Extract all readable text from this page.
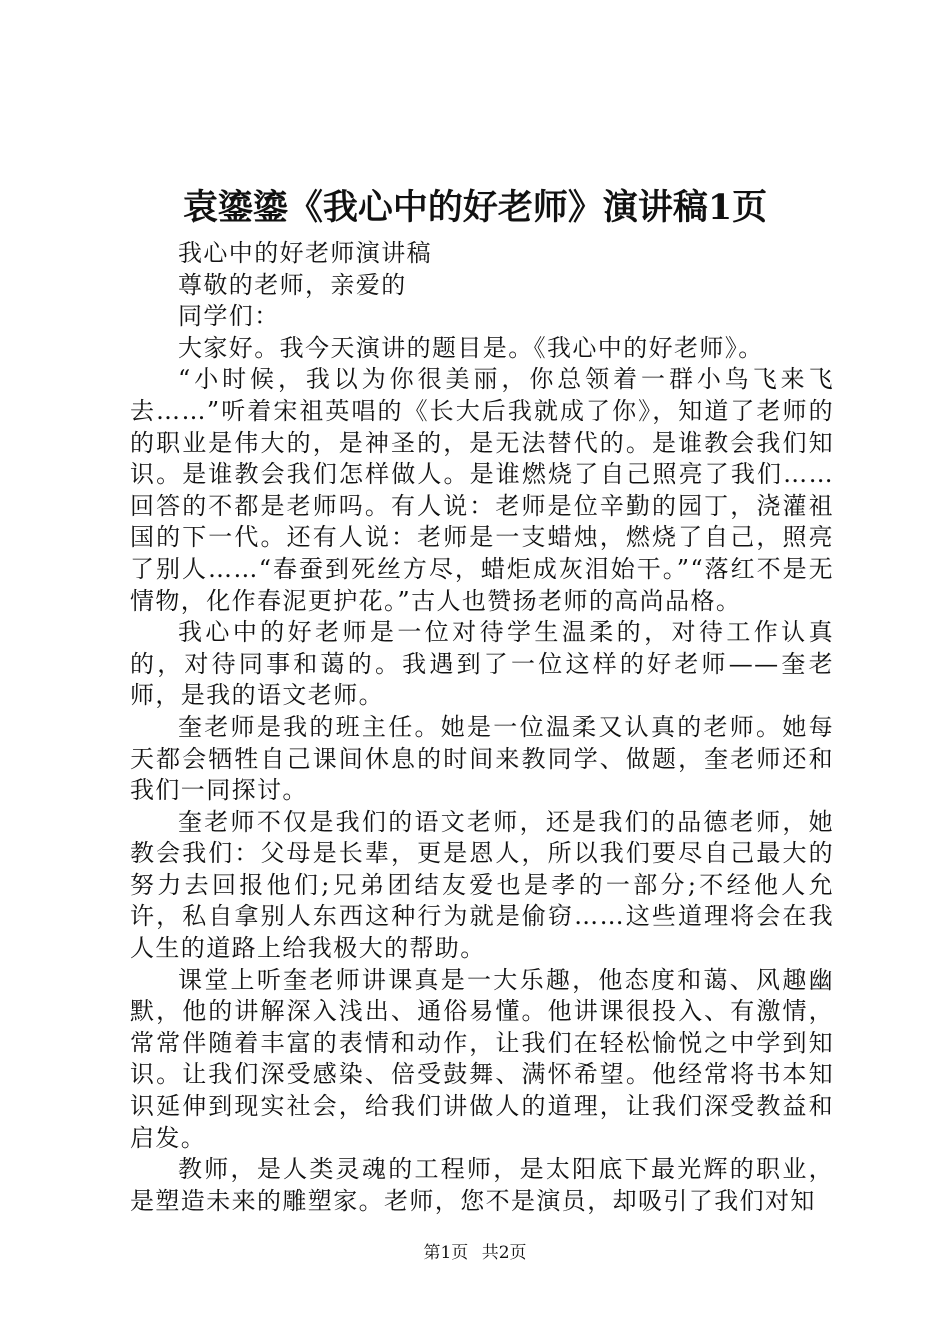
袁鎏鎏《我心中的好老师》演讲稿1页

我心中的好老师演讲稿

尊敬的老师，亲爱的

同学们：

大家好。我今天演讲的题目是。《我心中的好老师》。

“小时候，我以为你很美丽，你总领着一群小鸟飞来飞去……”听着宋祖英唱的《长大后我就成了你》，知道了老师的的职业是伟大的，是神圣的，是无法替代的。是谁教会我们知识。是谁教会我们怎样做人。是谁燃烧了自己照亮了我们……回答的不都是老师吗。有人说：老师是位辛勤的园丁，浇灌祖国的下一代。还有人说：老师是一支蜡烛，燃烧了自己，照亮了别人……“春蚕到死丝方尽，蜡炬成灰泪始干。”“落红不是无情物，化作春泥更护花。”古人也赞扬老师的高尚品格。

我心中的好老师是一位对待学生温柔的，对待工作认真的，对待同事和蔼的。我遇到了一位这样的好老师——奎老师，是我的语文老师。

奎老师是我的班主任。她是一位温柔又认真的老师。她每天都会牺牲自己课间休息的时间来教同学、做题，奎老师还和我们一同探讨。

奎老师不仅是我们的语文老师，还是我们的品德老师，她教会我们：父母是长辈，更是恩人，所以我们要尽自己最大的努力去回报他们;兄弟团结友爱也是孝的一部分;不经他人允许，私自拿别人东西这种行为就是偷窃……这些道理将会在我人生的道路上给我极大的帮助。

课堂上听奎老师讲课真是一大乐趣，他态度和蔼、风趣幽默，他的讲解深入浅出、通俗易懂。他讲课很投入、有激情，常常伴随着丰富的表情和动作，让我们在轻松愉悦之中学到知识。让我们深受感染、倍受鼓舞、满怀希望。他经常将书本知识延伸到现实社会，给我们讲做人的道理，让我们深受教益和启发。

教师，是人类灵魂的工程师，是太阳底下最光辉的职业，是塑造未来的雕塑家。老师，您不是演员，却吸引了我们对知

第1页 共2页
